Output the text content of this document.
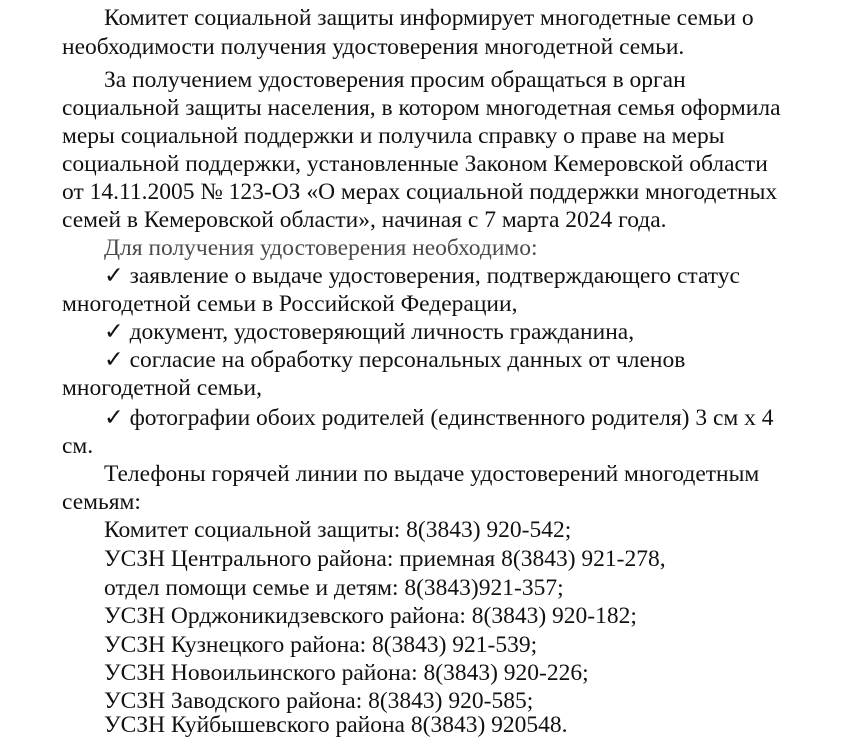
Комитет социальной защиты информирует многодетные семьи о
необходимости получения удостоверения многодетной семьи.
За получением удостоверения просим обращаться в орган
социальной защиты населения, в котором многодетная семья оформила
меры социальной поддержки и получила справку о праве на меры
социальной поддержки, установленные Законом Кемеровской области
от 14.11.2005 № 123-ОЗ «О мерах социальной поддержки многодетных
семей в Кемеровской области», начиная с 7 марта 2024 года.
Для получения удостоверения необходимо:
✓ заявление о выдаче удостоверения, подтверждающего статус
многодетной семьи в Российской Федерации,
✓ документ, удостоверяющий личность гражданина,
✓ согласие на обработку персональных данных от членов
многодетной семьи,
✓ фотографии обоих родителей (единственного родителя) 3 см х 4
см.
Телефоны горячей линии по выдаче удостоверений многодетным
семьям:
Комитет социальной защиты: 8(3843) 920-542;
УСЗН Центрального района: приемная 8(3843) 921-278,
отдел помощи семье и детям: 8(3843)921-357;
УСЗН Орджоникидзевского района: 8(3843) 920-182;
УСЗН Кузнецкого района: 8(3843) 921-539;
УСЗН Новоильинского района: 8(3843) 920-226;
УСЗН Заводского района: 8(3843) 920-585;
УСЗН Куйбышевского района 8(3843) 920548.
